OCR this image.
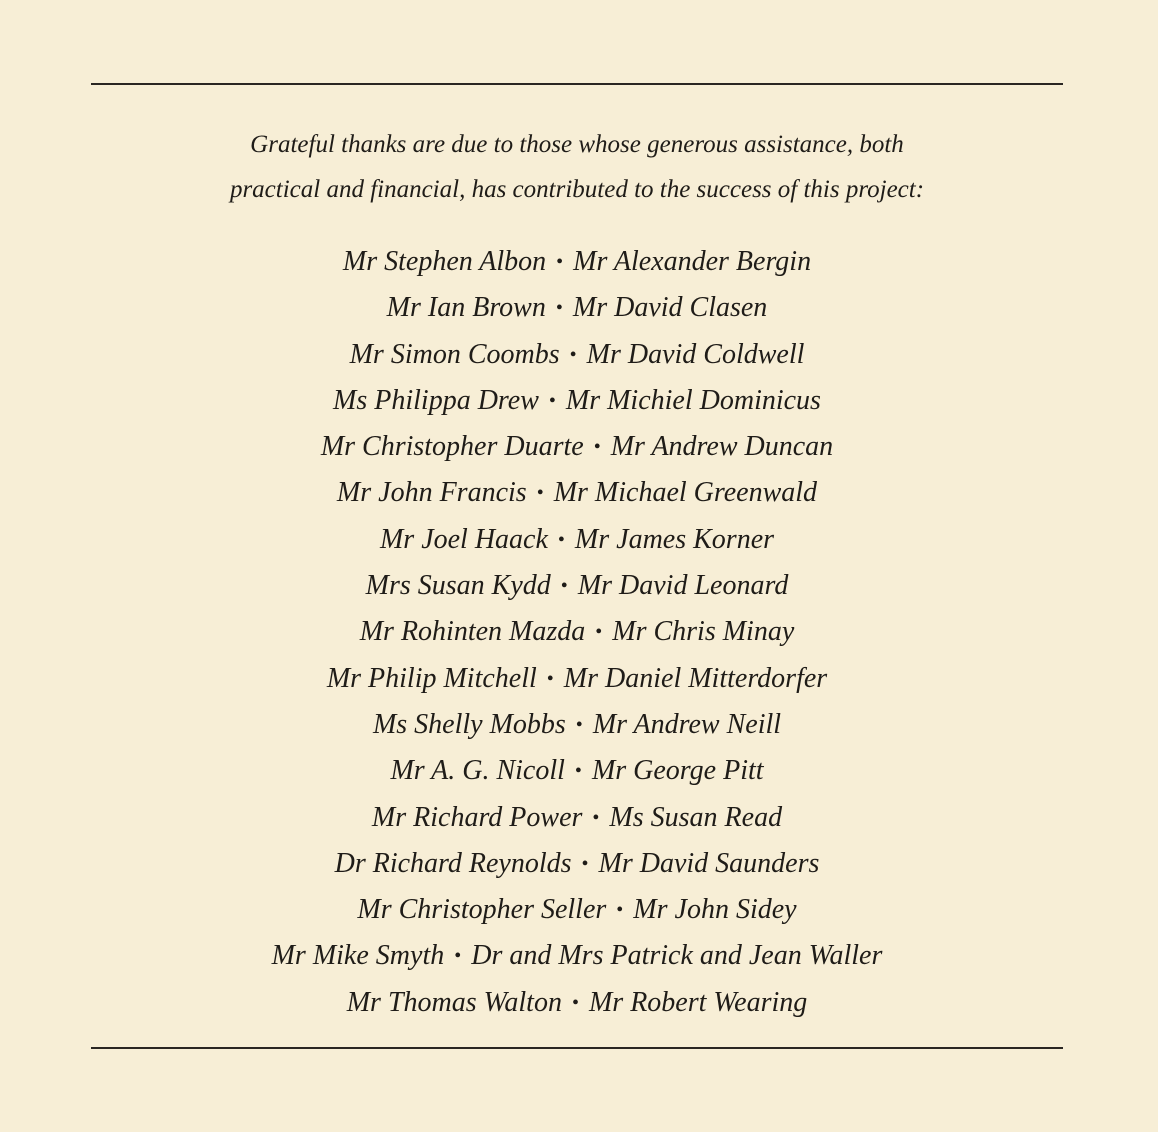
Grateful thanks are due to those whose generous assistance, both
practical and financial, has contributed to the success of this project:
Mr Stephen Albon • Mr Alexander Bergin
Mr Ian Brown • Mr David Clasen
Mr Simon Coombs • Mr David Coldwell
Ms Philippa Drew • Mr Michiel Dominicus
Mr Christopher Duarte • Mr Andrew Duncan
Mr John Francis • Mr Michael Greenwald
Mr Joel Haack • Mr James Korner
Mrs Susan Kydd • Mr David Leonard
Mr Rohinten Mazda • Mr Chris Minay
Mr Philip Mitchell • Mr Daniel Mitterdorfer
Ms Shelly Mobbs • Mr Andrew Neill
Mr A. G. Nicoll • Mr George Pitt
Mr Richard Power • Ms Susan Read
Dr Richard Reynolds • Mr David Saunders
Mr Christopher Seller • Mr John Sidey
Mr Mike Smyth • Dr and Mrs Patrick and Jean Waller
Mr Thomas Walton • Mr Robert Wearing
